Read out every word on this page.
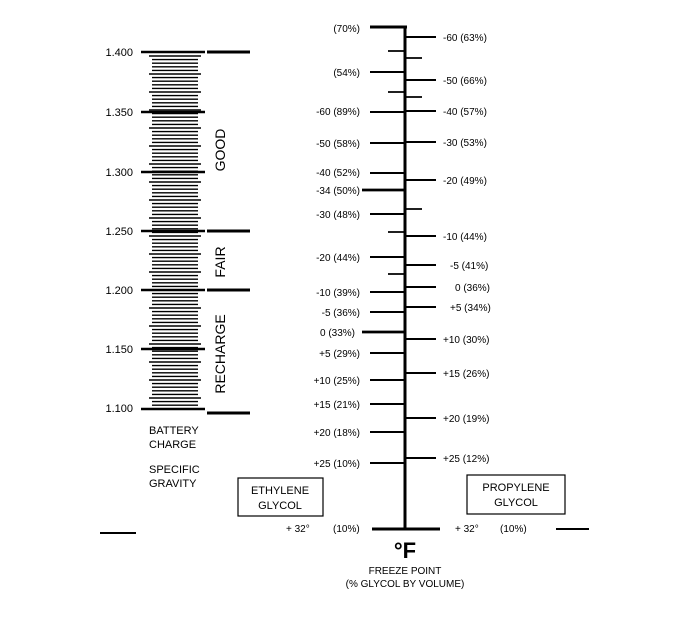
1.400
1.350
1.300
1.250
1.200
1.150
1.100
GOOD
FAIR
RECHARGE
BATTERY
CHARGE
SPECIFIC
GRAVITY
(70%)
(54%)
-60 (89%)
-50 (58%)
-40 (52%)
-34 (50%)
-30 (48%)
-20 (44%)
-10 (39%)
-5 (36%)
0 (33%)
+5 (29%)
+10 (25%)
+15 (21%)
+20 (18%)
+25 (10%)
-60 (63%)
-50 (66%)
-40 (57%)
-30 (53%)
-20 (49%)
-10 (44%)
-5 (41%)
0 (36%)
+5 (34%)
+10 (30%)
+15 (26%)
+20 (19%)
+25 (12%)
+ 32° (10%)	+ 32° (10%)
ETHYLENE
GLYCOL
PROPYLENE
GLYCOL
°F
FREEZE POINT
(% GLYCOL BY VOLUME)
